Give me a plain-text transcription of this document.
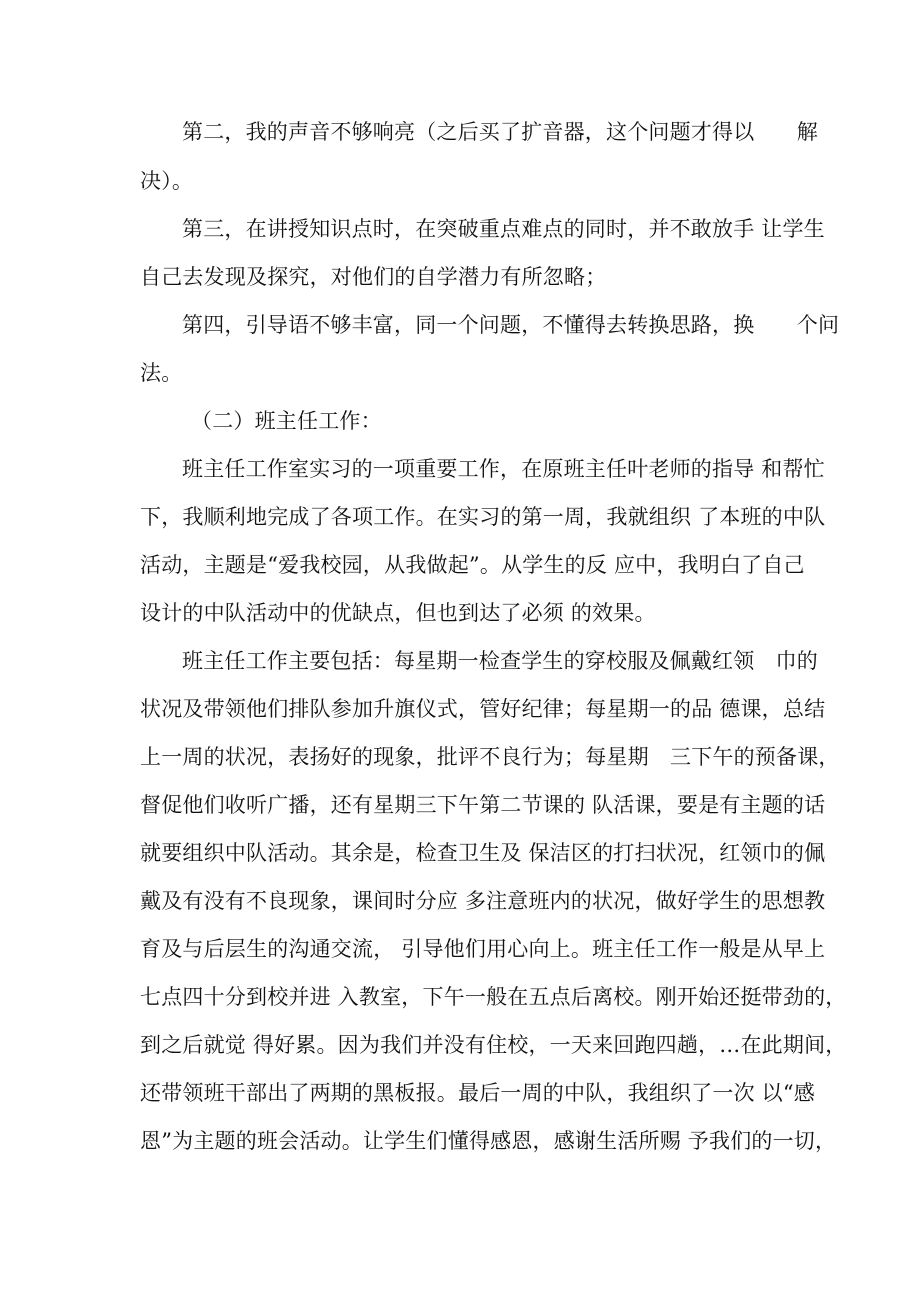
第二，我的声音不够响亮（之后买了扩音器，这个问题才得以　　解
决）。
第三，在讲授知识点时，在突破重点难点的同时，并不敢放手 让学生
自己去发现及探究，对他们的自学潜力有所忽略；
第四，引导语不够丰富，同一个问题，不懂得去转换思路，换　　个问
法。
（二）班主任工作：
班主任工作室实习的一项重要工作，在原班主任叶老师的指导 和帮忙
下，我顺利地完成了各项工作。在实习的第一周，我就组织 了本班的中队
活动，主题是“爱我校园，从我做起”。从学生的反 应中，我明白了自己
设计的中队活动中的优缺点，但也到达了必须 的效果。
班主任工作主要包括：每星期一检查学生的穿校服及佩戴红领　巾的
状况及带领他们排队参加升旗仪式，管好纪律；每星期一的品 德课，总结
上一周的状况，表扬好的现象，批评不良行为；每星期　三下午的预备课，
督促他们收听广播，还有星期三下午第二节课的 队活课，要是有主题的话
就要组织中队活动。其余是，检查卫生及 保洁区的打扫状况，红领巾的佩
戴及有没有不良现象，课间时分应 多注意班内的状况，做好学生的思想教
育及与后层生的沟通交流， 引导他们用心向上。班主任工作一般是从早上
七点四十分到校并进 入教室，下午一般在五点后离校。刚开始还挺带劲的，
到之后就觉 得好累。因为我们并没有住校，一天来回跑四趟，…在此期间，
还带领班干部出了两期的黑板报。最后一周的中队，我组织了一次 以“感
恩”为主题的班会活动。让学生们懂得感恩，感谢生活所赐 予我们的一切，
